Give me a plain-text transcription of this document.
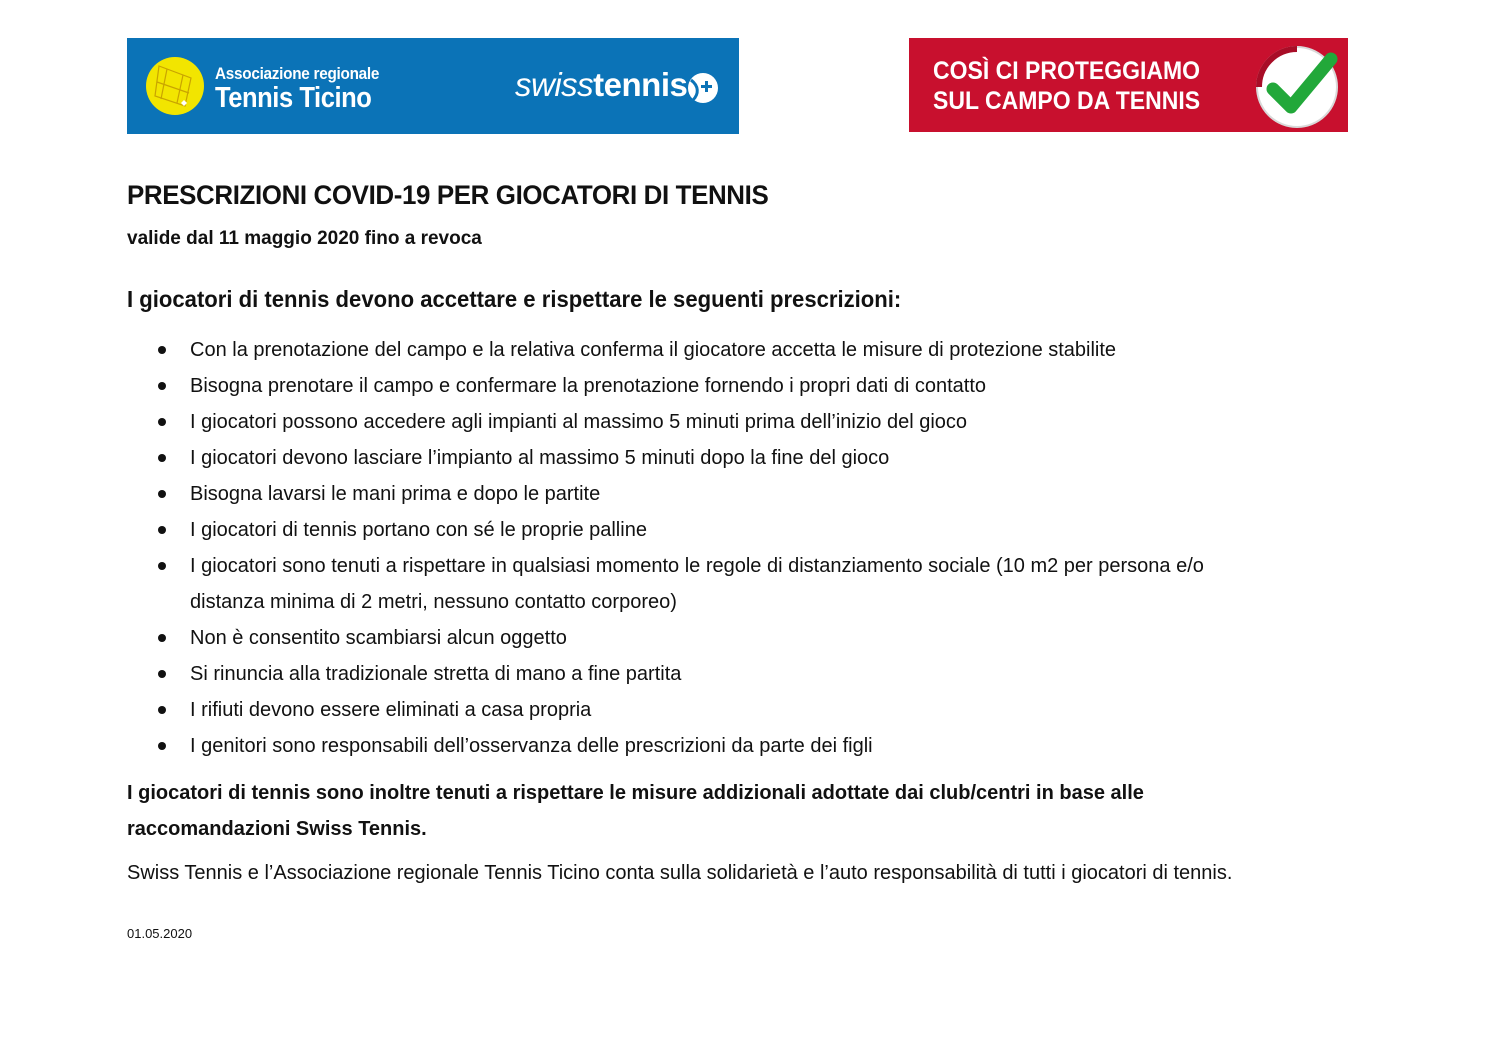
Associazione regionale
Tennis Ticino	swisstennis	COSÌ CI PROTEGGIAMO
SUL CAMPO DA TENNIS
PRESCRIZIONI COVID-19 PER GIOCATORI DI TENNIS
valide dal 11 maggio 2020 fino a revoca
I giocatori di tennis devono accettare e rispettare le seguenti prescrizioni:
Con la prenotazione del campo e la relativa conferma il giocatore accetta le misure di protezione stabilite
Bisogna prenotare il campo e confermare la prenotazione fornendo i propri dati di contatto
I giocatori possono accedere agli impianti al massimo 5 minuti prima dell’inizio del gioco
I giocatori devono lasciare l’impianto al massimo 5 minuti dopo la fine del gioco
Bisogna lavarsi le mani prima e dopo le partite
I giocatori di tennis portano con sé le proprie palline
I giocatori sono tenuti a rispettare in qualsiasi momento le regole di distanziamento sociale (10 m2 per persona e/o
distanza minima di 2 metri, nessuno contatto corporeo)
Non è consentito scambiarsi alcun oggetto
Si rinuncia alla tradizionale stretta di mano a fine partita
I rifiuti devono essere eliminati a casa propria
I genitori sono responsabili dell’osservanza delle prescrizioni da parte dei figli
I giocatori di tennis sono inoltre tenuti a rispettare le misure addizionali adottate dai club/centri in base alle
raccomandazioni Swiss Tennis.
Swiss Tennis e l’Associazione regionale Tennis Ticino conta sulla solidarietà e l’auto responsabilità di tutti i giocatori di tennis.
01.05.2020
